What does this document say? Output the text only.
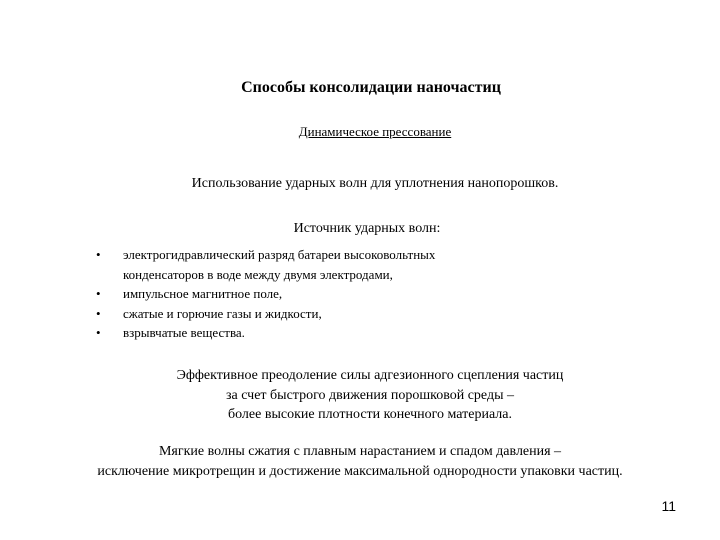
Способы консолидации наночастиц
Динамическое прессование
Использование ударных волн для уплотнения нанопорошков.
Источник ударных волн:
• электрогидравлический разряд батареи высоковольтных
конденсаторов в воде между двумя электродами,
• импульсное магнитное поле,
• сжатые и горючие газы и жидкости,
• взрывчатые вещества.
Эффективное преодоление силы адгезионного сцепления частиц
за счет быстрого движения порошковой среды –
более высокие плотности конечного материала.
Мягкие волны сжатия с плавным нарастанием и спадом давления –
исключение микротрещин и достижение максимальной однородности упаковки частиц.
11
